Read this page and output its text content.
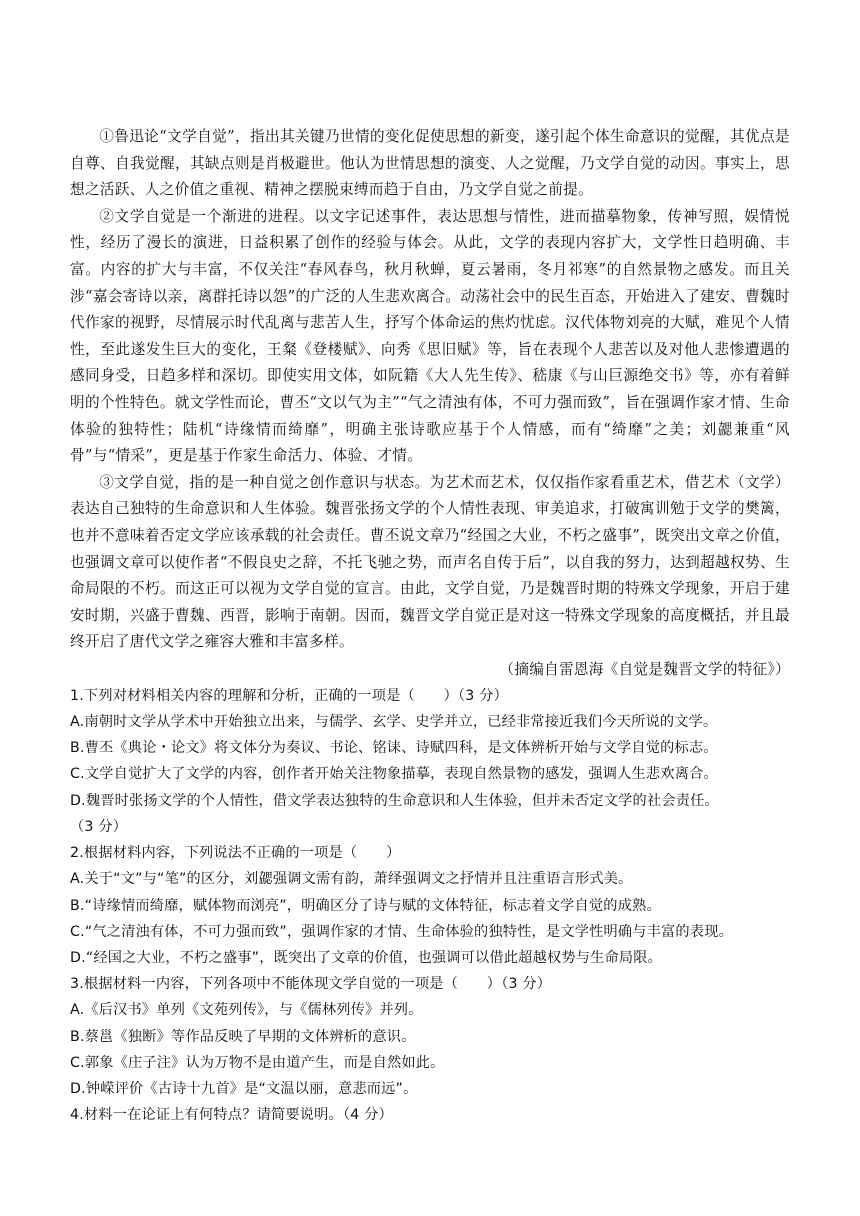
①鲁迅论“文学自觉”，指出其关键乃世情的变化促使思想的新变，遂引起个体生命意识的觉醒，其优点是自尊、自我觉醒，其缺点则是肖极避世。他认为世情思想的演变、人之觉醒，乃文学自觉的动因。事实上，思想之活跃、人之价值之重视、精神之摆脱束缚而趋于自由，乃文学自觉之前提。

②文学自觉是一个渐进的进程。以文字记述事件，表达思想与情性，进而描摹物象，传神写照，娱情悦性，经历了漫长的演进，日益积累了创作的经验与体会。从此，文学的表现内容扩大，文学性日趋明确、丰富。内容的扩大与丰富，不仅关注“春风春鸟，秋月秋蝉，夏云暑雨，冬月祁寒”的自然景物之感发。而且关涉“嘉会寄诗以亲，离群托诗以怨”的广泛的人生悲欢离合。动荡社会中的民生百态，开始进入了建安、曹魏时代作家的视野，尽情展示时代乱离与悲苦人生，抒写个体命运的焦灼忧虑。汉代体物刘亮的大赋，难见个人情性，至此遂发生巨大的变化，王粲《登楼赋》、向秀《思旧赋》等，旨在表现个人悲苦以及对他人悲惨遭遇的感同身受，日趋多样和深切。即使实用文体，如阮籍《大人先生传》、嵇康《与山巨源绝交书》等，亦有着鲜明的个性特色。就文学性而论，曹丕“文以气为主”“气之清浊有体，不可力强而致”，旨在强调作家才情、生命体验的独特性；陆机“诗缘情而绮靡”，明确主张诗歌应基于个人情感，而有“绮靡”之美；刘勰兼重“风骨”与“情采”，更是基于作家生命活力、体验、才情。

③文学自觉，指的是一种自觉之创作意识与状态。为艺术而艺术，仅仅指作家看重艺术，借艺术（文学）表达自己独特的生命意识和人生体验。魏晋张扬文学的个人情性表现、审美追求，打破寓训勉于文学的樊篱，也并不意味着否定文学应该承载的社会责任。曹丕说文章乃“经国之大业，不朽之盛事”，既突出文章之价值，也强调文章可以使作者“不假良史之辞，不托飞驰之势，而声名自传于后”，以自我的努力，达到超越权势、生命局限的不朽。而这正可以视为文学自觉的宣言。由此，文学自觉，乃是魏晋时期的特殊文学现象，开启于建安时期，兴盛于曹魏、西晋，影响于南朝。因而，魏晋文学自觉正是对这一特殊文学现象的高度概括，并且最终开启了唐代文学之雍容大雅和丰富多样。

（摘编自雷恩海《自觉是魏晋文学的特征》）

1.下列对材料相关内容的理解和分析，正确的一项是（　　）（3 分）

A.南朝时文学从学术中开始独立出来，与儒学、玄学、史学并立，已经非常接近我们今天所说的文学。

B.曹丕《典论・论文》将文体分为奏议、书论、铭诔、诗赋四科，是文体辨析开始与文学自觉的标志。

C.文学自觉扩大了文学的内容，创作者开始关注物象描摹，表现自然景物的感发，强调人生悲欢离合。

D.魏晋时张扬文学的个人情性，借文学表达独特的生命意识和人生体验，但并未否定文学的社会责任。

（3 分）

2.根据材料内容，下列说法不正确的一项是（　　）

A.关于“文”与“笔”的区分，刘勰强调文需有韵，萧绎强调文之抒情并且注重语言形式美。

B.“诗缘情而绮靡，赋体物而浏亮”，明确区分了诗与赋的文体特征，标志着文学自觉的成熟。

C.“气之清浊有体，不可力强而致”，强调作家的才情、生命体验的独特性，是文学性明确与丰富的表现。

D.“经国之大业，不朽之盛事”，既突出了文章的价值，也强调可以借此超越权势与生命局限。

3.根据材料一内容，下列各项中不能体现文学自觉的一项是（　　）（3 分）

A.《后汉书》单列《文苑列传》，与《儒林列传》并列。

B.蔡邕《独断》等作品反映了早期的文体辨析的意识。

C.郭象《庄子注》认为万物不是由道产生，而是自然如此。

D.钟嵘评价《古诗十九首》是“文温以丽，意悲而远”。

4.材料一在论证上有何特点？请简要说明。（4 分）
